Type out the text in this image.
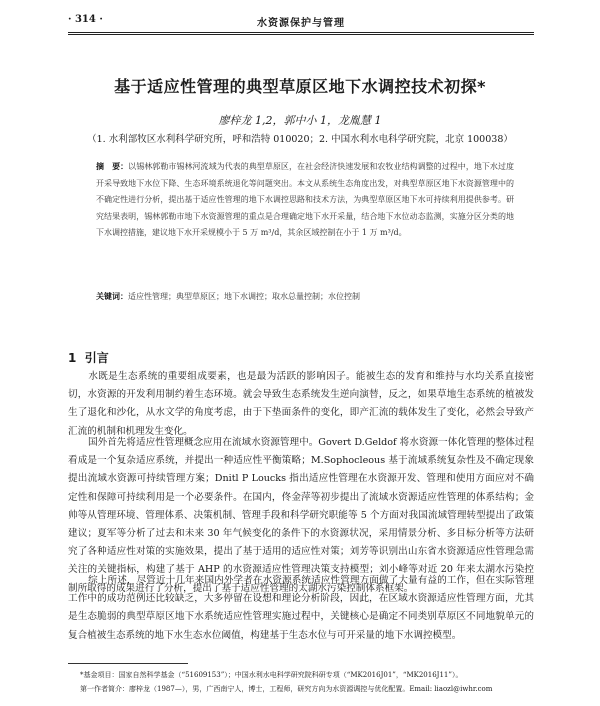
· 314 ·	水资源保护与管理
基于适应性管理的典型草原区地下水调控技术初探*
廖梓龙 1,2，郭中小 1，龙胤慧 1
（1. 水利部牧区水利科学研究所，呼和浩特 010020；2. 中国水利水电科学研究院，北京 100038）
摘　要：以锡林郭勒市锡林河流域为代表的典型草原区，在社会经济快速发展和农牧业结构调整的过程中，地下水过度开采导致地下水位下降、生态环境系统退化等问题突出。本文从系统生态角度出发，对典型草原区地下水资源管理中的不确定性进行分析，提出基于适应性管理的地下水调控思路和技术方法，为典型草原区地下水可持续利用提供参考。研究结果表明，锡林郭勒市地下水资源管理的重点是合理确定地下水开采量，结合地下水位动态监测，实施分区分类的地下水调控措施，建议地下水开采规模小于 5 万 m³/d，其余区域控制在小于 1 万 m³/d。
关键词：适应性管理；典型草原区；地下水调控；取水总量控制；水位控制
1 引言
水既是生态系统的重要组成要素，也是最为活跃的影响因子。能被生态的发育和维持与水均关系直接密切，水资源的开发利用制约着生态环境。就会导致生态系统发生逆向演替，反之，如果草地生态系统的植被发生了退化和沙化，从水文学的角度考虑，由于下垫面条件的变化，即产汇流的载体发生了变化，必然会导致产汇流的机制和机理发生变化。
国外首先将适应性管理概念应用在流域水资源管理中。Govert D.Geldof 将水资源一体化管理的整体过程看成是一个复杂适应系统，并提出一种适应性平衡策略；M.Sophocleous 基于流域系统复杂性及不确定现象提出流域水资源可持续管理方案；Dnitl P Loucks 指出适应性管理在水资源开发、管理和使用方面应对不确定性和保障可持续利用是一个必要条件。在国内，佟金萍等初步提出了流域水资源适应性管理的体系结构；金帅等从管理环境、管理体系、决策机制、管理手段和科学研究职能等 5 个方面对我国流域管理转型提出了政策建议；夏军等分析了过去和未来 30 年气候变化的条件下的水资源状况，采用情景分析、多目标分析等方法研究了各种适应性对策的实施效果，提出了基于适用的适应性对策；刘芳等识别出山东省水资源适应性管理急需关注的关键指标，构建了基于 AHP 的水资源适应性管理决策支持模型；刘小峰等对近 20 年来太湖水污染控制所取得的成果进行了分析，提出了基于适应性管理的太湖水污染控制体系框架。
综上所述，尽管近十几年来国内外学者在水资源系统适应性管理方面做了大量有益的工作，但在实际管理工作中的成功范例还比较缺乏，大多停留在设想和理论分析阶段，因此，在区域水资源适应性管理方面，尤其是生态脆弱的典型草原区地下水系统适应性管理实施过程中，关键核心是确定不同类别草原区不同地貌单元的复合植被生态系统的地下水生态水位阈值，构建基于生态水位与可开采量的地下水调控模型。
*基金项目：国家自然科学基金（“51609153”）；中国水利水电科学研究院科研专项（“MK2016J01”，“MK2016J11”）。
第一作者简介：廖梓龙（1987—），男，广西南宁人，博士，工程师，研究方向为水资源调控与优化配置。Email: liaozl@iwhr.com
